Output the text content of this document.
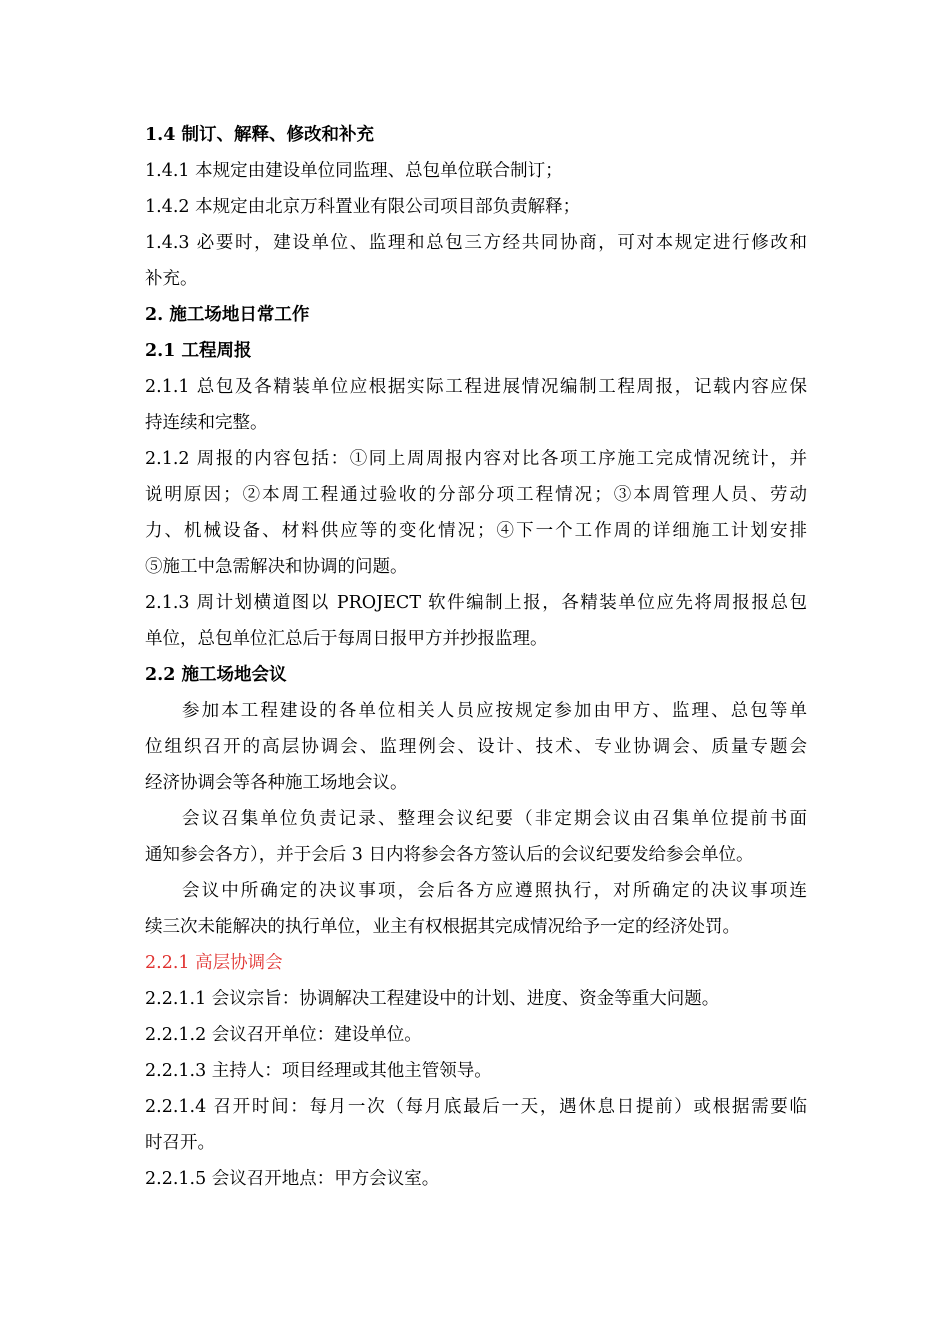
1.4 制订、解释、修改和补充

1.4.1 本规定由建设单位同监理、总包单位联合制订；

1.4.2 本规定由北京万科置业有限公司项目部负责解释；

1.4.3 必要时，建设单位、监理和总包三方经共同协商，可对本规定进行修改和

补充。

2. 施工场地日常工作

2.1 工程周报

2.1.1 总包及各精装单位应根据实际工程进展情况编制工程周报，记载内容应保

持连续和完整。

2.1.2 周报的内容包括：①同上周周报内容对比各项工序施工完成情况统计，并

说明原因；②本周工程通过验收的分部分项工程情况；③本周管理人员、劳动

力、机械设备、材料供应等的变化情况；④下一个工作周的详细施工计划安排

⑤施工中急需解决和协调的问题。

2.1.3 周计划横道图以 PROJECT 软件编制上报，各精装单位应先将周报报总包

单位，总包单位汇总后于每周日报甲方并抄报监理。

2.2 施工场地会议

参加本工程建设的各单位相关人员应按规定参加由甲方、监理、总包等单

位组织召开的高层协调会、监理例会、设计、技术、专业协调会、质量专题会

经济协调会等各种施工场地会议。

会议召集单位负责记录、整理会议纪要（非定期会议由召集单位提前书面

通知参会各方），并于会后 3 日内将参会各方签认后的会议纪要发给参会单位。

会议中所确定的决议事项，会后各方应遵照执行，对所确定的决议事项连

续三次未能解决的执行单位，业主有权根据其完成情况给予一定的经济处罚。

2.2.1 高层协调会

2.2.1.1 会议宗旨：协调解决工程建设中的计划、进度、资金等重大问题。

2.2.1.2 会议召开单位：建设单位。

2.2.1.3 主持人：项目经理或其他主管领导。

2.2.1.4 召开时间：每月一次（每月底最后一天，遇休息日提前）或根据需要临

时召开。

2.2.1.5 会议召开地点：甲方会议室。
